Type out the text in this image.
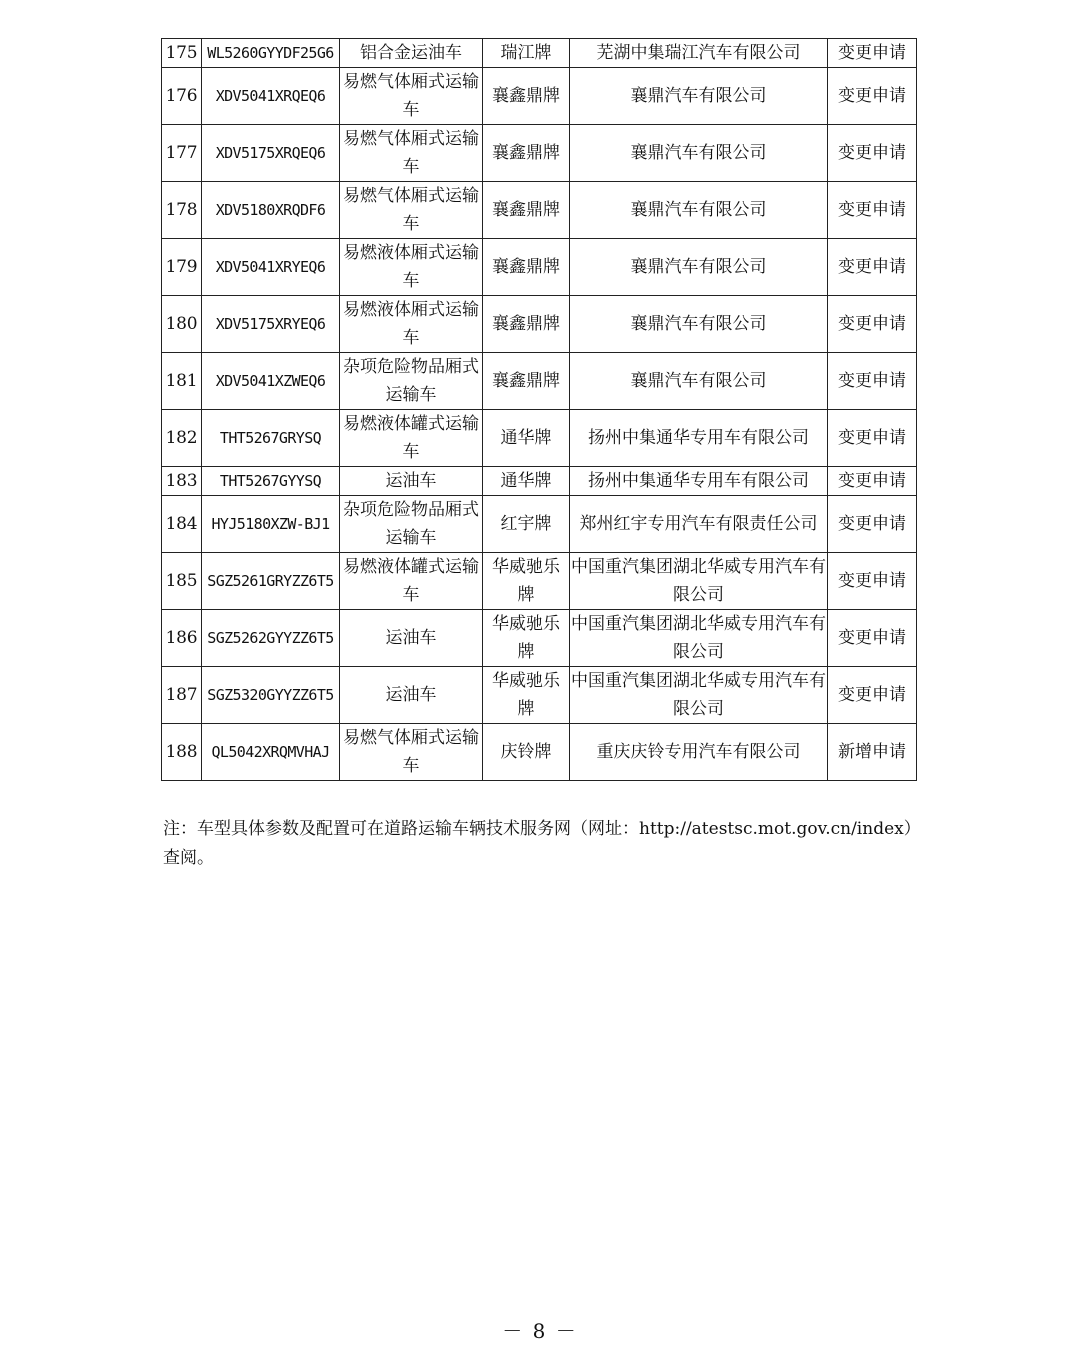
175	WL5260GYYDF25G6	铝合金运油车	瑞江牌	芜湖中集瑞江汽车有限公司	变更申请
176	XDV5041XRQEQ6	易燃气体厢式运输车	襄鑫鼎牌	襄鼎汽车有限公司	变更申请
177	XDV5175XRQEQ6	易燃气体厢式运输车	襄鑫鼎牌	襄鼎汽车有限公司	变更申请
178	XDV5180XRQDF6	易燃气体厢式运输车	襄鑫鼎牌	襄鼎汽车有限公司	变更申请
179	XDV5041XRYEQ6	易燃液体厢式运输车	襄鑫鼎牌	襄鼎汽车有限公司	变更申请
180	XDV5175XRYEQ6	易燃液体厢式运输车	襄鑫鼎牌	襄鼎汽车有限公司	变更申请
181	XDV5041XZWEQ6	杂项危险物品厢式运输车	襄鑫鼎牌	襄鼎汽车有限公司	变更申请
182	THT5267GRYSQ	易燃液体罐式运输车	通华牌	扬州中集通华专用车有限公司	变更申请
183	THT5267GYYSQ	运油车	通华牌	扬州中集通华专用车有限公司	变更申请
184	HYJ5180XZW-BJ1	杂项危险物品厢式运输车	红宇牌	郑州红宇专用汽车有限责任公司	变更申请
185	SGZ5261GRYZZ6T5	易燃液体罐式运输车	华威驰乐牌	中国重汽集团湖北华威专用汽车有限公司	变更申请
186	SGZ5262GYYZZ6T5	运油车	华威驰乐牌	中国重汽集团湖北华威专用汽车有限公司	变更申请
187	SGZ5320GYYZZ6T5	运油车	华威驰乐牌	中国重汽集团湖北华威专用汽车有限公司	变更申请
188	QL5042XRQMVHAJ	易燃气体厢式运输车	庆铃牌	重庆庆铃专用汽车有限公司	新增申请
注：车型具体参数及配置可在道路运输车辆技术服务网（网址：http://atestsc.mot.gov.cn/index）
查阅。
－ 8 －
